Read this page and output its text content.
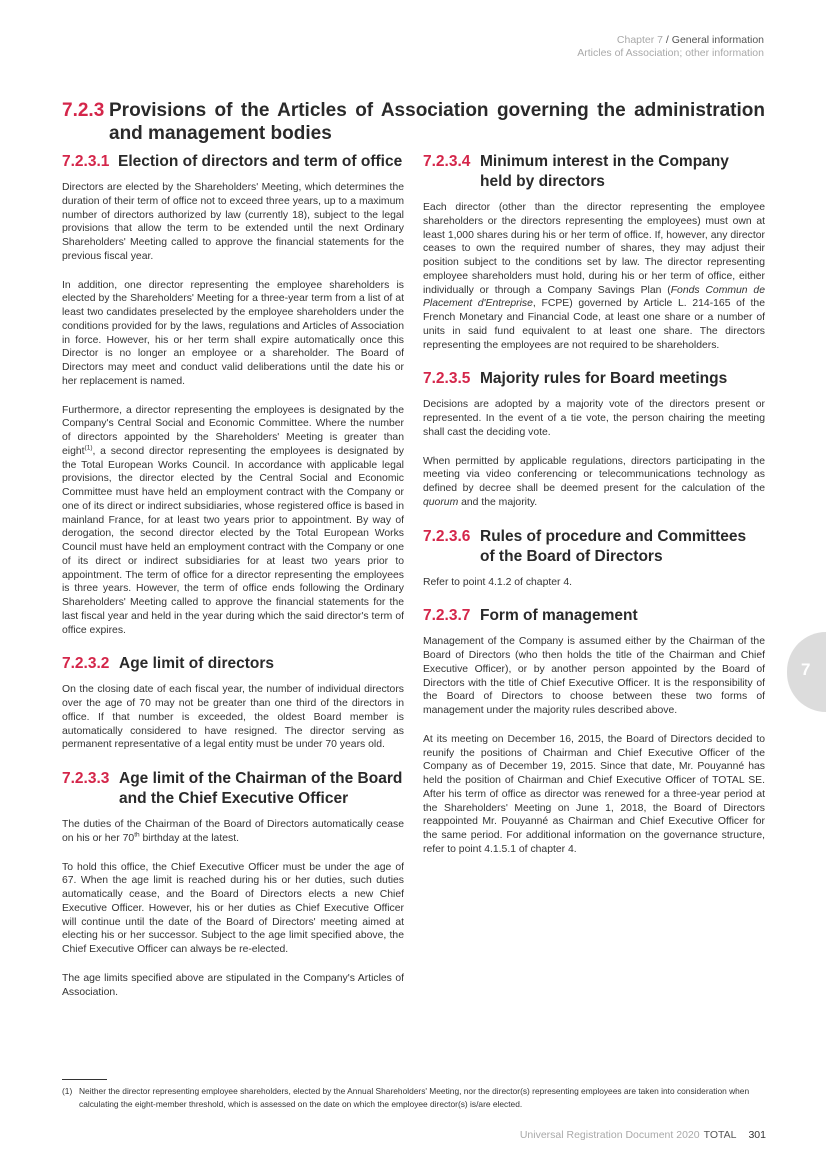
Chapter 7 / General information
Articles of Association; other information
7.2.3 Provisions of the Articles of Association governing the administration and management bodies
7.2.3.1 Election of directors and term of office
Directors are elected by the Shareholders' Meeting, which determines the duration of their term of office not to exceed three years, up to a maximum number of directors authorized by law (currently 18), subject to the legal provisions that allow the term to be extended until the next Ordinary Shareholders' Meeting called to approve the financial statements for the previous fiscal year.
In addition, one director representing the employee shareholders is elected by the Shareholders' Meeting for a three-year term from a list of at least two candidates preselected by the employee shareholders under the conditions provided for by the laws, regulations and Articles of Association in force. However, his or her term shall expire automatically once this Director is no longer an employee or a shareholder. The Board of Directors may meet and conduct valid deliberations until the date his or her replacement is named.
Furthermore, a director representing the employees is designated by the Company's Central Social and Economic Committee. Where the number of directors appointed by the Shareholders' Meeting is greater than eight$^{(1)}$, a second director representing the employees is designated by the Total European Works Council. In accordance with applicable legal provisions, the director elected by the Central Social and Economic Committee must have held an employment contract with the Company or one of its direct or indirect subsidiaries, whose registered office is based in mainland France, for at least two years prior to appointment. By way of derogation, the second director elected by the Total European Works Council must have held an employment contract with the Company or one of its direct or indirect subsidiaries for at least two years prior to appointment. The term of office for a director representing the employees is three years. However, the term of office ends following the Ordinary Shareholders' Meeting called to approve the financial statements for the last fiscal year and held in the year during which the said director's term of office expires.
7.2.3.2 Age limit of directors
On the closing date of each fiscal year, the number of individual directors over the age of 70 may not be greater than one third of the directors in office. If that number is exceeded, the oldest Board member is automatically considered to have resigned. The director serving as permanent representative of a legal entity must be under 70 years old.
7.2.3.3 Age limit of the Chairman of the Board and the Chief Executive Officer
The duties of the Chairman of the Board of Directors automatically cease on his or her 70th birthday at the latest.
To hold this office, the Chief Executive Officer must be under the age of 67. When the age limit is reached during his or her duties, such duties automatically cease, and the Board of Directors elects a new Chief Executive Officer. However, his or her duties as Chief Executive Officer will continue until the date of the Board of Directors' meeting aimed at electing his or her successor. Subject to the age limit specified above, the Chief Executive Officer can always be re-elected.
The age limits specified above are stipulated in the Company's Articles of Association.
7.2.3.4 Minimum interest in the Company held by directors
Each director (other than the director representing the employee shareholders or the directors representing the employees) must own at least 1,000 shares during his or her term of office. If, however, any director ceases to own the required number of shares, they may adjust their position subject to the conditions set by law. The director representing employee shareholders must hold, during his or her term of office, either individually or through a Company Savings Plan (Fonds Commun de Placement d'Entreprise, FCPE) governed by Article L. 214-165 of the French Monetary and Financial Code, at least one share or a number of units in said fund equivalent to at least one share. The directors representing the employees are not required to be shareholders.
7.2.3.5 Majority rules for Board meetings
Decisions are adopted by a majority vote of the directors present or represented. In the event of a tie vote, the person chairing the meeting shall cast the deciding vote.
When permitted by applicable regulations, directors participating in the meeting via video conferencing or telecommunications technology as defined by decree shall be deemed present for the calculation of the quorum and the majority.
7.2.3.6 Rules of procedure and Committees of the Board of Directors
Refer to point 4.1.2 of chapter 4.
7.2.3.7 Form of management
Management of the Company is assumed either by the Chairman of the Board of Directors (who then holds the title of the Chairman and Chief Executive Officer), or by another person appointed by the Board of Directors with the title of Chief Executive Officer. It is the responsibility of the Board of Directors to choose between these two forms of management under the majority rules described above.
At its meeting on December 16, 2015, the Board of Directors decided to reunify the positions of Chairman and Chief Executive Officer of the Company as of December 19, 2015. Since that date, Mr. Pouyanné has held the position of Chairman and Chief Executive Officer of TOTAL SE. After his term of office as director was renewed for a three-year period at the Shareholders' Meeting on June 1, 2018, the Board of Directors reappointed Mr. Pouyanné as Chairman and Chief Executive Officer for the same period. For additional information on the governance structure, refer to point 4.1.5.1 of chapter 4.
7
(1) Neither the director representing employee shareholders, elected by the Annual Shareholders' Meeting, nor the director(s) representing employees are taken into consideration when calculating the eight-member threshold, which is assessed on the date on which the employee director(s) is/are elected.
Universal Registration Document 2020 TOTAL 301
